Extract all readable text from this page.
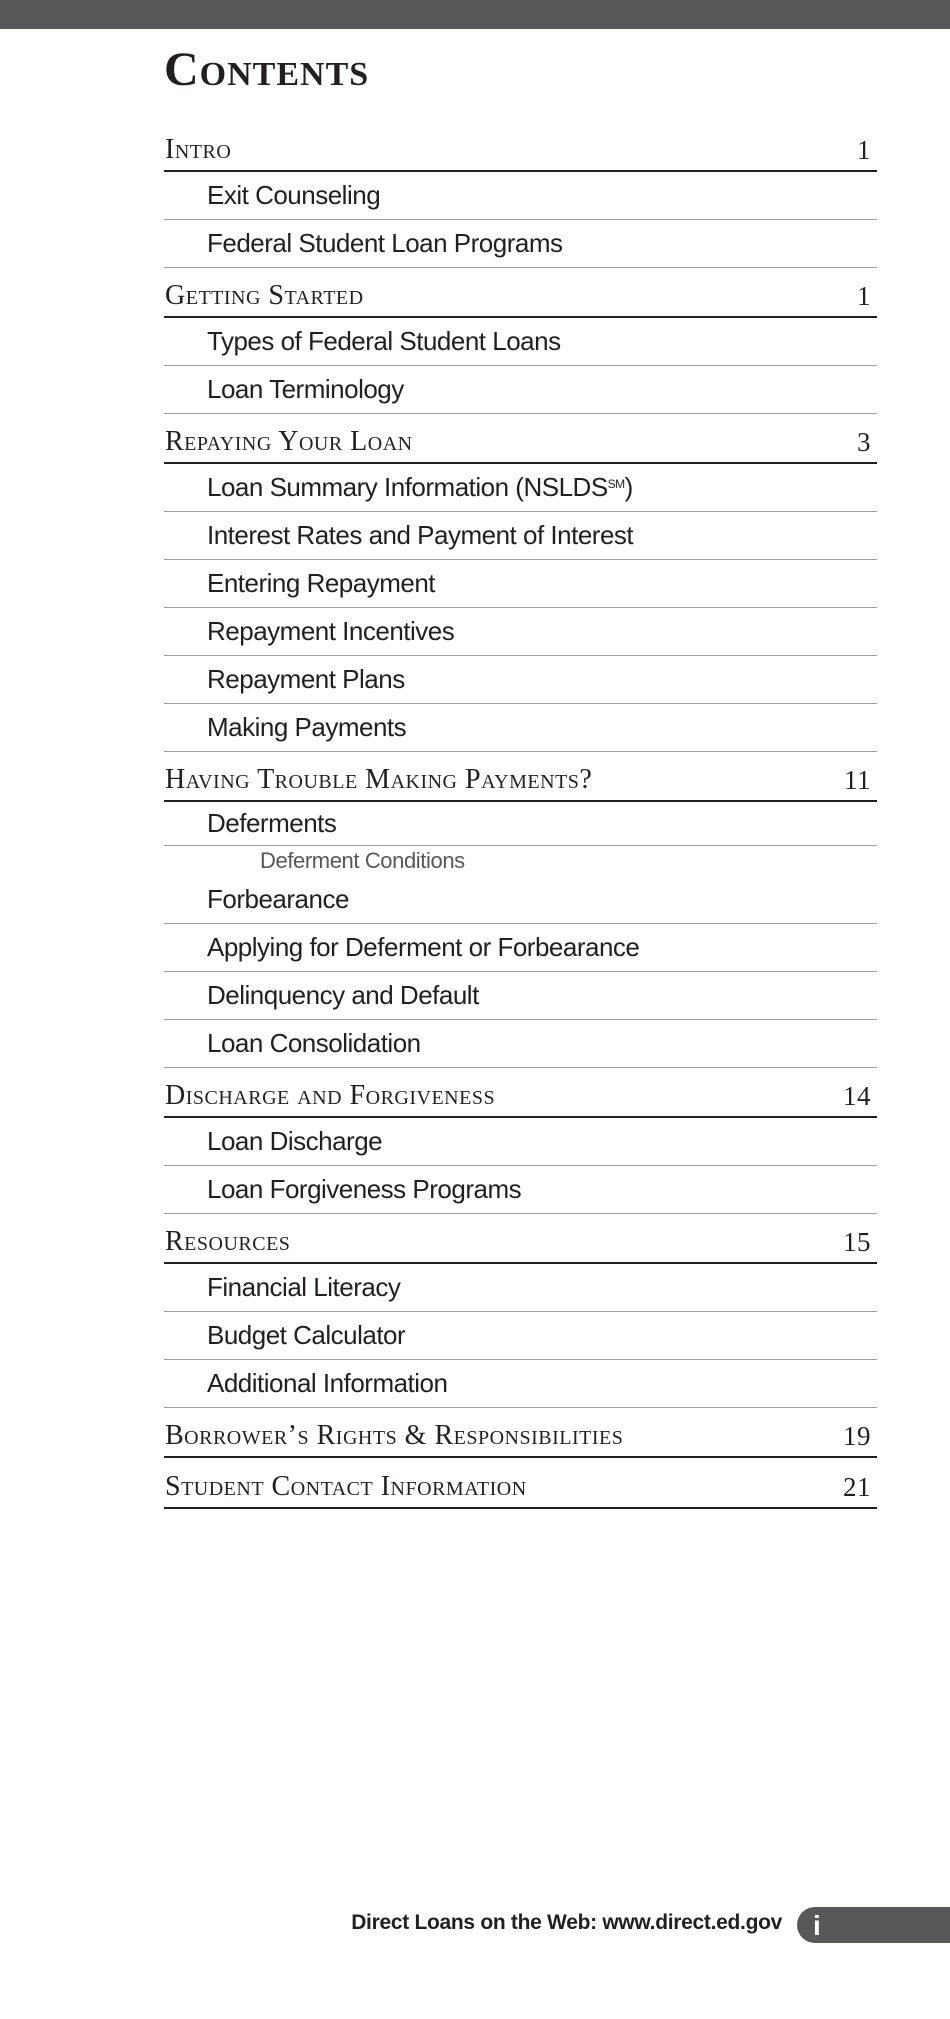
Contents
Intro	1
Exit Counseling
Federal Student Loan Programs
Getting Started	1
Types of Federal Student Loans
Loan Terminology
Repaying Your Loan	3
Loan Summary Information (NSLDS℠ )
Interest Rates and Payment of Interest
Entering Repayment
Repayment Incentives
Repayment Plans
Making Payments
Having Trouble Making Payments?	11
Deferments
Deferment Conditions
Forbearance
Applying for Deferment or Forbearance
Delinquency and Default
Loan Consolidation
Discharge and Forgiveness	14
Loan Discharge
Loan Forgiveness Programs
Resources	15
Financial Literacy
Budget Calculator
Additional Information
Borrower’s Rights & Responsibilities	19
Student Contact Information	21
Direct Loans on the Web: www.direct.ed.gov i
